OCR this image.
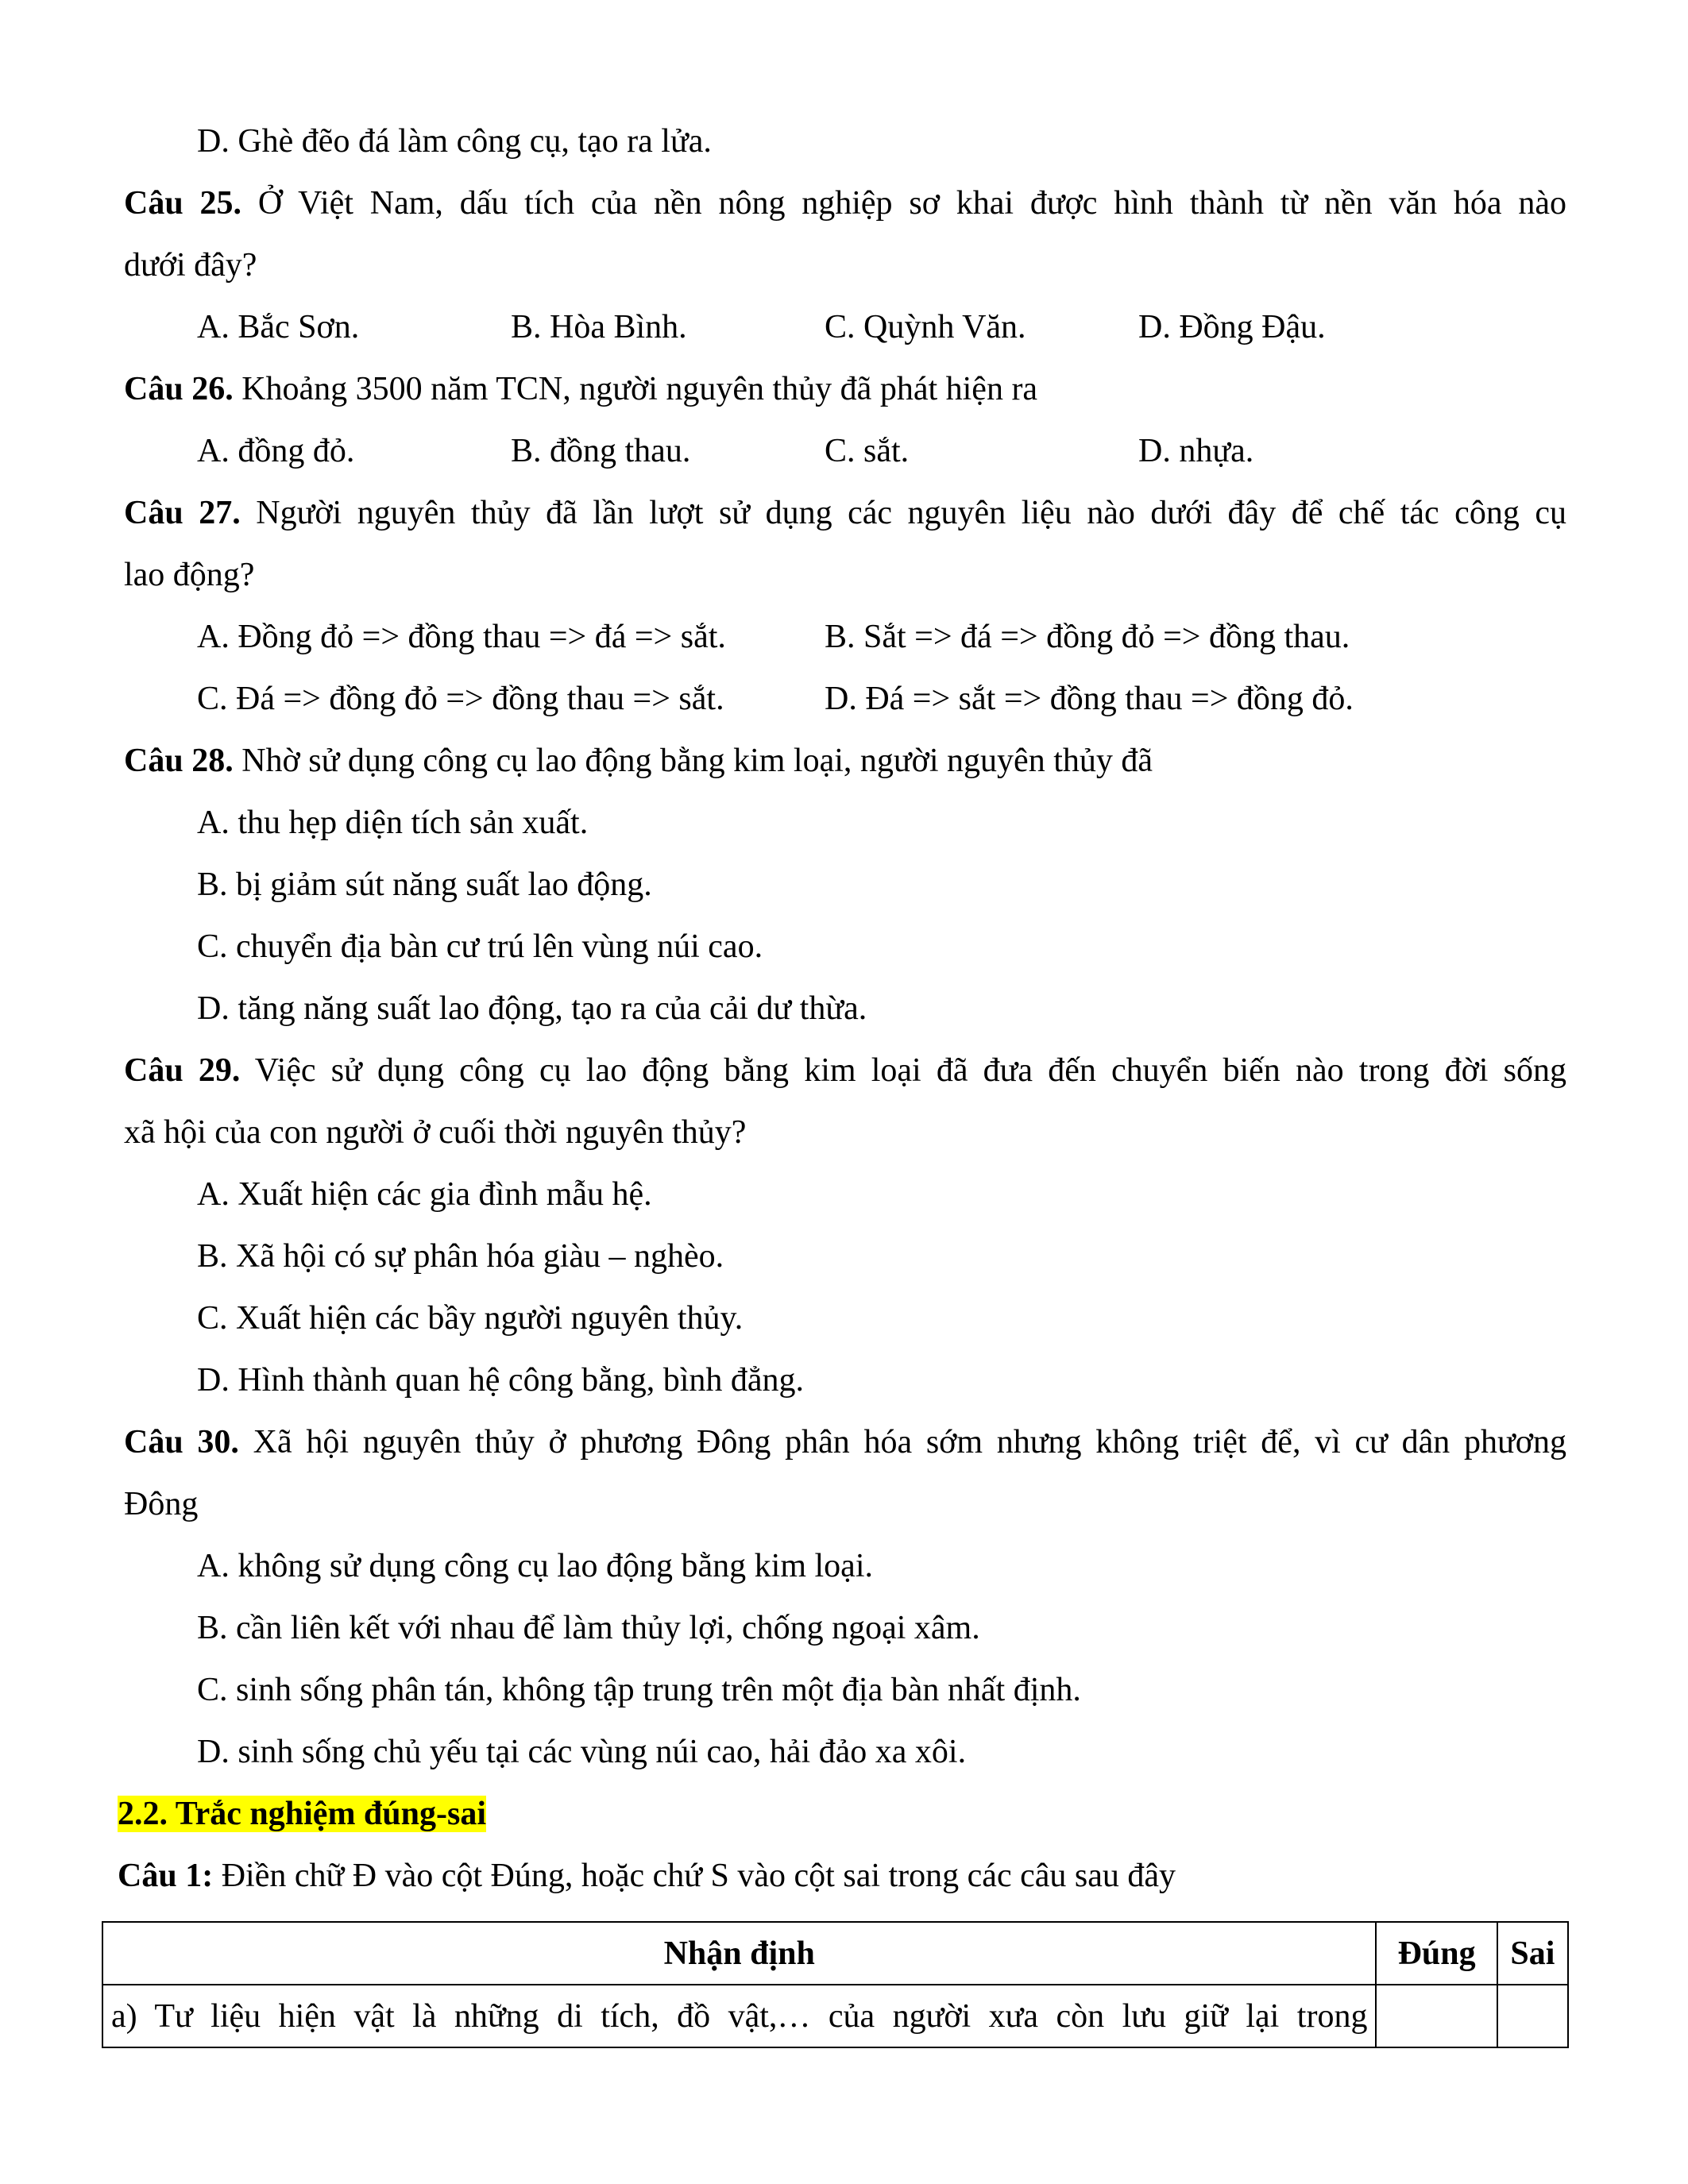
D. Ghè đẽo đá làm công cụ, tạo ra lửa.
Câu 25. Ở Việt Nam, dấu tích của nền nông nghiệp sơ khai được hình thành từ nền văn hóa nào
dưới đây?
A. Bắc Sơn.	B. Hòa Bình.	C. Quỳnh Văn.	D. Đồng Đậu.
Câu 26. Khoảng 3500 năm TCN, người nguyên thủy đã phát hiện ra
A. đồng đỏ.	B. đồng thau.	C. sắt.	D. nhựa.
Câu 27. Người nguyên thủy đã lần lượt sử dụng các nguyên liệu nào dưới đây để chế tác công cụ
lao động?
A. Đồng đỏ => đồng thau => đá => sắt.	B. Sắt => đá => đồng đỏ => đồng thau.
C. Đá => đồng đỏ => đồng thau => sắt.	D. Đá => sắt => đồng thau => đồng đỏ.
Câu 28. Nhờ sử dụng công cụ lao động bằng kim loại, người nguyên thủy đã
A. thu hẹp diện tích sản xuất.
B. bị giảm sút năng suất lao động.
C. chuyển địa bàn cư trú lên vùng núi cao.
D. tăng năng suất lao động, tạo ra của cải dư thừa.
Câu 29. Việc sử dụng công cụ lao động bằng kim loại đã đưa đến chuyển biến nào trong đời sống
xã hội của con người ở cuối thời nguyên thủy?
A. Xuất hiện các gia đình mẫu hệ.
B. Xã hội có sự phân hóa giàu – nghèo.
C. Xuất hiện các bầy người nguyên thủy.
D. Hình thành quan hệ công bằng, bình đẳng.
Câu 30. Xã hội nguyên thủy ở phương Đông phân hóa sớm nhưng không triệt để, vì cư dân phương
Đông
A. không sử dụng công cụ lao động bằng kim loại.
B. cần liên kết với nhau để làm thủy lợi, chống ngoại xâm.
C. sinh sống phân tán, không tập trung trên một địa bàn nhất định.
D. sinh sống chủ yếu tại các vùng núi cao, hải đảo xa xôi.
2.2. Trắc nghiệm đúng-sai
Câu 1: Điền chữ Đ vào cột Đúng, hoặc chứ S vào cột sai trong các câu sau đây
Nhận định	Đúng	Sai
a) Tư liệu hiện vật là những di tích, đồ vật,… của người xưa còn lưu giữ lại trong		
